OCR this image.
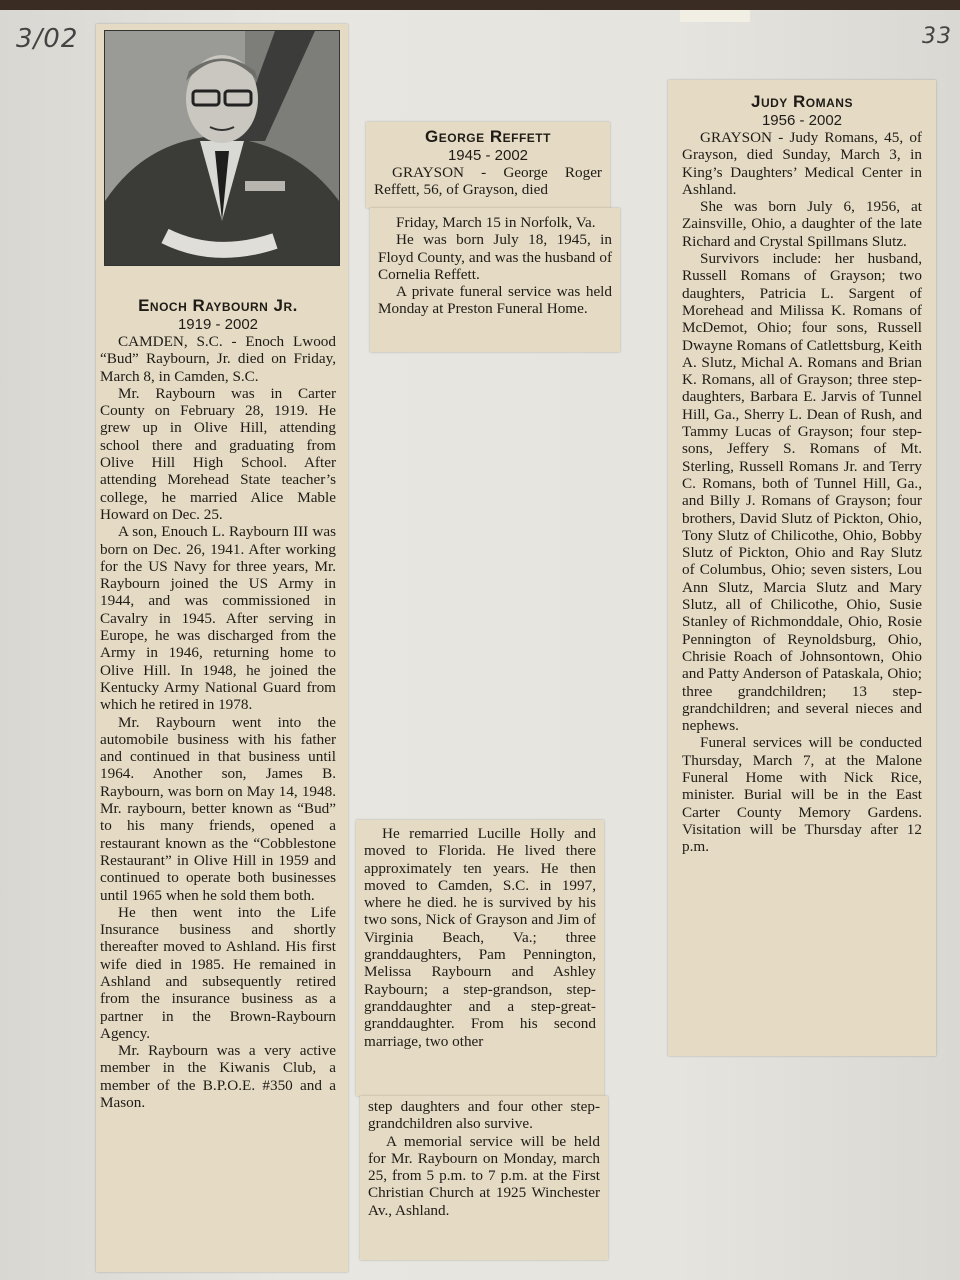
3/02	33

Enoch Raybourn Jr.

1919 - 2002

CAMDEN, S.C. - Enoch Lwood “Bud” Raybourn, Jr. died on Friday, March 8, in Camden, S.C.

Mr. Raybourn was in Carter County on February 28, 1919. He grew up in Olive Hill, attending school there and graduating from Olive Hill High School. After attending Morehead State teacher’s college, he married Alice Mable Howard on Dec. 25.

A son, Enouch L. Raybourn III was born on Dec. 26, 1941. After working for the US Navy for three years, Mr. Raybourn joined the US Army in 1944, and was commissioned in Cavalry in 1945. After serving in Europe, he was discharged from the Army in 1946, returning home to Olive Hill. In 1948, he joined the Kentucky Army National Guard from which he retired in 1978.

Mr. Raybourn went into the automobile business with his father and continued in that business until 1964. Another son, James B. Raybourn, was born on May 14, 1948. Mr. raybourn, better known as “Bud” to his many friends, opened a restaurant known as the “Cobblestone Restaurant” in Olive Hill in 1959 and continued to operate both businesses until 1965 when he sold them both.

He then went into the Life Insurance business and shortly thereafter moved to Ashland. His first wife died in 1985. He remained in Ashland and subsequently retired from the insurance business as a partner in the Brown-Raybourn Agency.

Mr. Raybourn was a very active member in the Kiwanis Club, a member of the B.P.O.E. #350 and a Mason.

George Reffett

1945 - 2002

GRAYSON - George Roger Reffett, 56, of Grayson, died

Friday, March 15 in Norfolk, Va.

He was born July 18, 1945, in Floyd County, and was the husband of Cornelia Reffett.

A private funeral service was held Monday at Preston Funeral Home.

He remarried Lucille Holly and moved to Florida. He lived there approximately ten years. He then moved to Camden, S.C. in 1997, where he died. he is survived by his two sons, Nick of Grayson and Jim of Virginia Beach, Va.; three granddaughters, Pam Pennington, Melissa Raybourn and Ashley Raybourn; a step-grandson, step-granddaughter and a step-great-granddaughter. From his second marriage, two other

step daughters and four other step-grandchildren also survive.

A memorial service will be held for Mr. Raybourn on Monday, march 25, from 5 p.m. to 7 p.m. at the First Christian Church at 1925 Winchester Av., Ashland.

Judy Romans

1956 - 2002

GRAYSON - Judy Romans, 45, of Grayson, died Sunday, March 3, in King’s Daughters’ Medical Center in Ashland.

She was born July 6, 1956, at Zainsville, Ohio, a daughter of the late Richard and Crystal Spillmans Slutz.

Survivors include: her husband, Russell Romans of Grayson; two daughters, Patricia L. Sargent of Morehead and Milissa K. Romans of McDemot, Ohio; four sons, Russell Dwayne Romans of Catlettsburg, Keith A. Slutz, Michal A. Romans and Brian K. Romans, all of Grayson; three step-daughters, Barbara E. Jarvis of Tunnel Hill, Ga., Sherry L. Dean of Rush, and Tammy Lucas of Grayson; four step-sons, Jeffery S. Romans of Mt. Sterling, Russell Romans Jr. and Terry C. Romans, both of Tunnel Hill, Ga., and Billy J. Romans of Grayson; four brothers, David Slutz of Pickton, Ohio, Tony Slutz of Chilicothe, Ohio, Bobby Slutz of Pickton, Ohio and Ray Slutz of Columbus, Ohio; seven sisters, Lou Ann Slutz, Marcia Slutz and Mary Slutz, all of Chilicothe, Ohio, Susie Stanley of Richmonddale, Ohio, Rosie Pennington of Reynoldsburg, Ohio, Chrisie Roach of Johnsontown, Ohio and Patty Anderson of Pataskala, Ohio; three grandchildren; 13 step-grandchildren; and several nieces and nephews.

Funeral services will be conducted Thursday, March 7, at the Malone Funeral Home with Nick Rice, minister. Burial will be in the East Carter County Memory Gardens. Visitation will be Thursday after 12 p.m.
